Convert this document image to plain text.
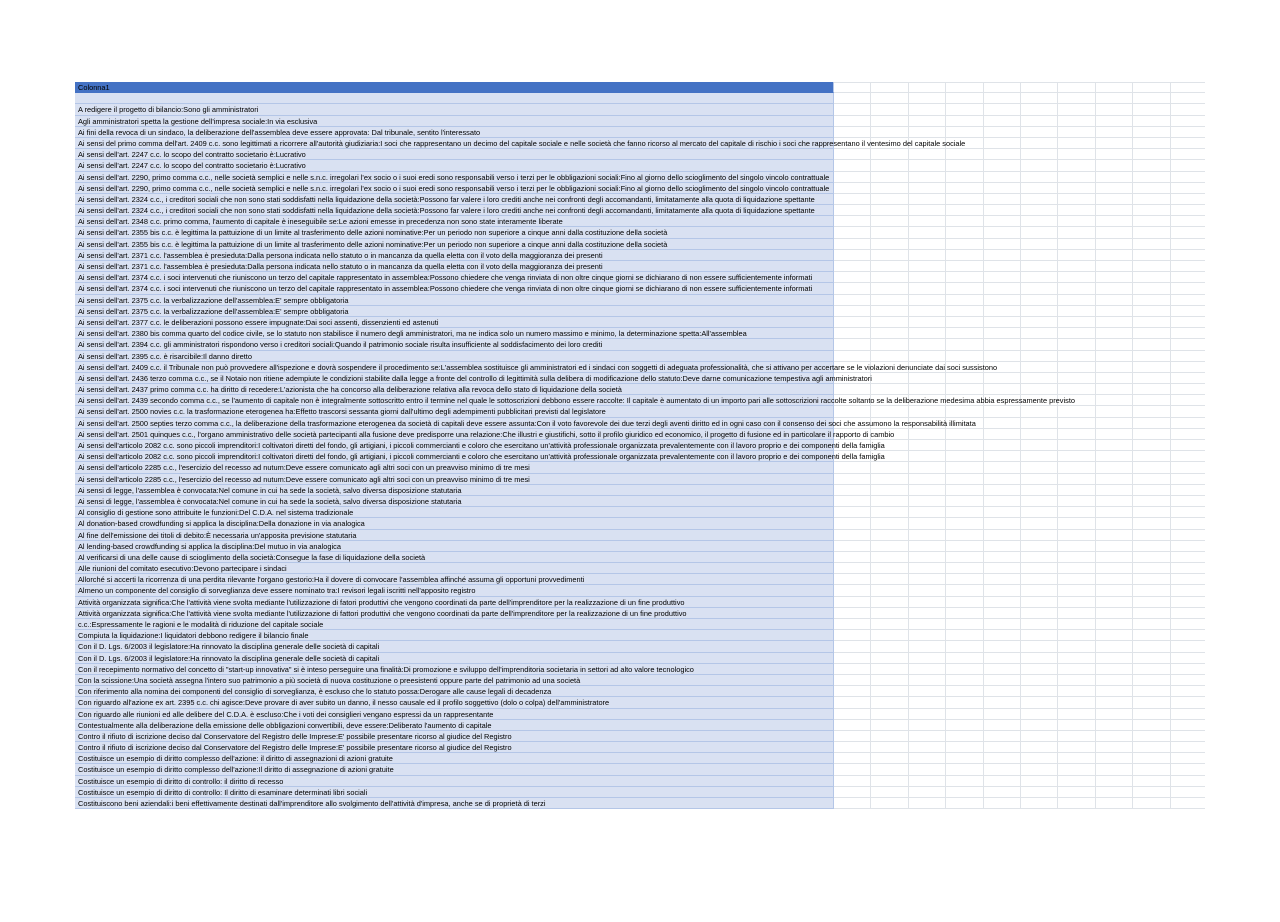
Colonna1
A redigere il progetto di bilancio:Sono gli amministratori
Agli amministratori spetta la gestione dell'impresa sociale:In via esclusiva
Ai fini della revoca di un sindaco, la deliberazione dell'assemblea deve essere approvata: Dal tribunale, sentito l'interessato
Ai sensi del primo comma dell'art. 2409 c.c. sono legittimati a ricorrere all'autorità giudiziaria:I soci che rappresentano un decimo del capitale sociale e nelle società che fanno ricorso al mercato del capitale di rischio i soci che rappresentano il ventesimo del capitale sociale
Ai sensi dell'art. 2247 c.c. lo scopo del contratto societario è:Lucrativo
Ai sensi dell'art. 2247 c.c. lo scopo del contratto societario è:Lucrativo
Ai sensi dell'art. 2290, primo comma c.c., nelle società semplici e nelle s.n.c. irregolari l'ex socio o i suoi eredi sono responsabili verso i terzi per le obbligazioni sociali:Fino al giorno dello scioglimento del singolo vincolo contrattuale
Ai sensi dell'art. 2290, primo comma c.c., nelle società semplici e nelle s.n.c. irregolari l'ex socio o i suoi eredi sono responsabili verso i terzi per le obbligazioni sociali:Fino al giorno dello scioglimento del singolo vincolo contrattuale
Ai sensi dell'art. 2324 c.c., i creditori sociali che non sono stati soddisfatti nella liquidazione della società:Possono far valere i loro crediti anche nei confronti degli accomandanti, limitatamente alla quota di liquidazione spettante
Ai sensi dell'art. 2324 c.c., i creditori sociali che non sono stati soddisfatti nella liquidazione della società:Possono far valere i loro crediti anche nei confronti degli accomandanti, limitatamente alla quota di liquidazione spettante
Ai sensi dell'art. 2348 c.c. primo comma, l'aumento di capitale è ineseguibile se:Le azioni emesse in precedenza non sono state interamente liberate
Ai sensi dell'art. 2355 bis c.c. è legittima la pattuizione di un limite al trasferimento delle azioni nominative:Per un periodo non superiore a cinque anni dalla costituzione della società
Ai sensi dell'art. 2355 bis c.c. è legittima la pattuizione di un limite al trasferimento delle azioni nominative:Per un periodo non superiore a cinque anni dalla costituzione della società
Ai sensi dell'art. 2371 c.c. l'assemblea è presieduta:Dalla persona indicata nello statuto o in mancanza da quella eletta con il voto della maggioranza dei presenti
Ai sensi dell'art. 2371 c.c. l'assemblea è presieduta:Dalla persona indicata nello statuto o in mancanza da quella eletta con il voto della maggioranza dei presenti
Ai sensi dell'art. 2374 c.c. i soci intervenuti che riuniscono un terzo del capitale rappresentato in assemblea:Possono chiedere che venga rinviata di non oltre cinque giorni se dichiarano di non essere sufficientemente informati
Ai sensi dell'art. 2374 c.c. i soci intervenuti che riuniscono un terzo del capitale rappresentato in assemblea:Possono chiedere che venga rinviata di non oltre cinque giorni se dichiarano di non essere sufficientemente informati
Ai sensi dell'art. 2375 c.c. la verbalizzazione dell'assemblea:E' sempre obbligatoria
Ai sensi dell'art. 2375 c.c. la verbalizzazione dell'assemblea:E' sempre obbligatoria
Ai sensi dell'art. 2377 c.c. le deliberazioni possono essere impugnate:Dai soci assenti, dissenzienti ed astenuti
Ai sensi dell'art. 2380 bis comma quarto del codice civile, se lo statuto non stabilisce il numero degli amministratori, ma ne indica solo un numero massimo e minimo, la determinazione spetta:All'assemblea
Ai sensi dell'art. 2394 c.c. gli amministratori rispondono verso i creditori sociali:Quando il patrimonio sociale risulta insufficiente al soddisfacimento dei loro crediti
Ai sensi dell'art. 2395 c.c. è risarcibile:Il danno diretto
Ai sensi dell'art. 2409 c.c. il Tribunale non può provvedere all'ispezione e dovrà sospendere il procedimento se:L'assemblea sostituisce gli amministratori ed i sindaci con soggetti di adeguata professionalità, che si attivano per accertare se le violazioni denunciate dai soci sussistono
Ai sensi dell'art. 2436 terzo comma c.c., se il Notaio non ritiene adempiute le condizioni stabilite dalla legge a fronte del controllo di legittimità sulla delibera di modificazione dello statuto:Deve darne comunicazione tempestiva agli amministratori
Ai sensi dell'art. 2437 primo comma c.c. ha diritto di recedere:L'azionista che ha concorso alla deliberazione relativa alla revoca dello stato di liquidazione della società
Ai sensi dell'art. 2439 secondo comma c.c., se l'aumento di capitale non è integralmente sottoscritto entro il termine nel quale le sottoscrizioni debbono essere raccolte: Il capitale è aumentato di un importo pari alle sottoscrizioni raccolte soltanto se la deliberazione medesima abbia espressamente previsto
Ai sensi dell'art. 2500 novies c.c. la trasformazione eterogenea ha:Effetto trascorsi sessanta giorni dall'ultimo degli adempimenti pubblicitari previsti dal legislatore
Ai sensi dell'art. 2500 septies terzo comma c.c., la deliberazione della trasformazione eterogenea da società di capitali deve essere assunta:Con il voto favorevole dei due terzi degli aventi diritto ed in ogni caso con il consenso dei soci che assumono la responsabilità illimitata
Ai sensi dell'art. 2501 quinques c.c., l'organo amministrativo delle società partecipanti alla fusione deve predisporre una relazione:Che illustri e giustifichi, sotto il profilo giuridico ed economico, il progetto di fusione ed in particolare il rapporto di cambio
Ai sensi dell'articolo 2082 c.c. sono piccoli imprenditori:I coltivatori diretti del fondo, gli artigiani, i piccoli commercianti e coloro che esercitano un'attività professionale organizzata prevalentemente con il lavoro proprio e dei componenti della famiglia
Ai sensi dell'articolo 2082 c.c. sono piccoli imprenditori:I coltivatori diretti del fondo, gli artigiani, i piccoli commercianti e coloro che esercitano un'attività professionale organizzata prevalentemente con il lavoro proprio e dei componenti della famiglia
Ai sensi dell'articolo 2285 c.c., l'esercizio del recesso ad nutum:Deve essere comunicato agli altri soci con un preavviso minimo di tre mesi
Ai sensi dell'articolo 2285 c.c., l'esercizio del recesso ad nutum:Deve essere comunicato agli altri soci con un preavviso minimo di tre mesi
Ai sensi di legge, l'assemblea è convocata:Nel comune in cui ha sede la società, salvo diversa disposizione statutaria
Ai sensi di legge, l'assemblea è convocata:Nel comune in cui ha sede la società, salvo diversa disposizione statutaria
Al consiglio di gestione sono attribuite le funzioni:Del C.D.A. nel sistema tradizionale
Al donation-based crowdfunding si applica la disciplina:Della donazione in via analogica
Al fine dell'emissione dei titoli di debito:È necessaria un'apposita previsione statutaria
Al lending-based crowdfunding si applica la disciplina:Del mutuo in via analogica
Al verificarsi di una delle cause di scioglimento della società:Consegue la fase di liquidazione della società
Alle riunioni del comitato esecutivo:Devono parteciparе i sindaci
Allorché si accerti la ricorrenza di una perdita rilevante l'organo gestorio:Ha il dovere di convocare l'assemblea affinché assuma gli opportuni provvedimenti
Almeno un componente del consiglio di sorveglianza deve essere nominato tra:I revisori legali iscritti nell'apposito registro
Attività organizzata significa:Che l'attività viene svolta mediante l'utilizzazione di fatori produttivi che vengono coordinati da parte dell'imprenditore per la realizzazione di un fine produttivo
Attività organizzata significa:Che l'attività viene svolta mediante l'utilizzazione di fattori produttivi che vengono coordinati da parte dell'imprenditore per la realizzazione di un fine produttivo
c.c.:Espressamente le ragioni e le modalità di riduzione del capitale sociale
Compiuta la liquidazione:I liquidatori debbono redigere il bilancio finale
Con il D. Lgs. 6/2003 il legislatore:Ha rinnovato la disciplina generale delle società di capitali
Con il D. Lgs. 6/2003 il legislatore:Ha rinnovato la disciplina generale delle società di capitali
Con il recepimento normativo del concetto di "start-up innovativa" si è inteso perseguire una finalità:Di promozione e sviluppo dell'imprenditoria societaria in settori ad alto valore tecnologico
Con la scissione:Una società assegna l'intero suo patrimonio a più società di nuova costituzione o preesistenti oppure parte del patrimonio ad una società
Con riferimento alla nomina dei componenti del consiglio di sorveglianza, è escluso che lo statuto possa:Derogare alle cause legali di decadenza
Con riguardo all'azione ex art. 2395 c.c. chi agisce:Deve provare di aver subito un danno, il nesso causale ed il profilo soggettivo (dolo o colpa) dell'amministratore
Con riguardo alle riunioni ed alle delibere del C.D.A. è escluso:Che i voti dei consiglieri vengano espressi da un rappresentante
Contestualmente alla deliberazione della emissione delle obbligazioni convertibili, deve essere:Deliberato l'aumento di capitale
Contro il rifiuto di iscrizione deciso dal Conservatore del Registro delle Imprese:E' possibile presentare ricorso al giudice del Registro
Contro il rifiuto di iscrizione deciso dal Conservatore del Registro delle Imprese:E' possibile presentare ricorso al giudice del Registro
Costituisce un esempio di diritto complesso dell'azione: il diritto di assegnazioni di azioni gratuite
Costituisce un esempio di diritto complesso dell'azione:Il diritto di assegnazione di azioni gratuite
Costituisce un esempio di diritto di controllo: il diritto di recesso
Costituisce un esempio di diritto di controllo: Il diritto di esaminare determinati libri sociali
Costituiscono beni aziendali:i beni effettivamente destinati dall'imprenditore allo svolgimento dell'attività d'impresa, anche se di proprietà di terzi
